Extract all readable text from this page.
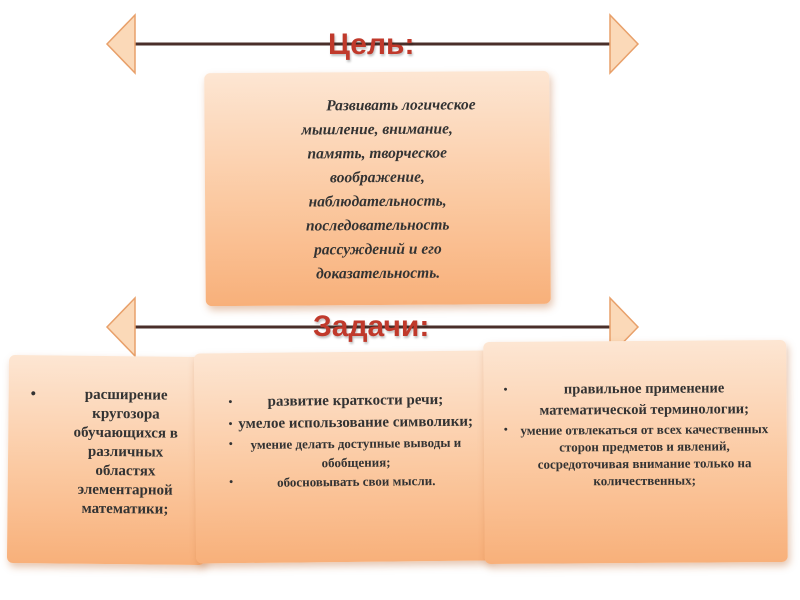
Цель:
Развивать логическое
мышление, внимание,
память, творческое
воображение,
наблюдательность,
последовательность
рассуждений и его
доказательность.
Задачи:
• расширение
кругозора
обучающихся в
различных
областях
элементарной
математики;
• развитие краткости речи;
• умелое использование символики;
• умение делать доступные выводы и обобщения;
• обосновывать свои мысли.
• правильное применение математической терминологии;
• умение отвлекаться от всех качественных сторон предметов и явлений, сосредоточивая внимание только на количественных;
